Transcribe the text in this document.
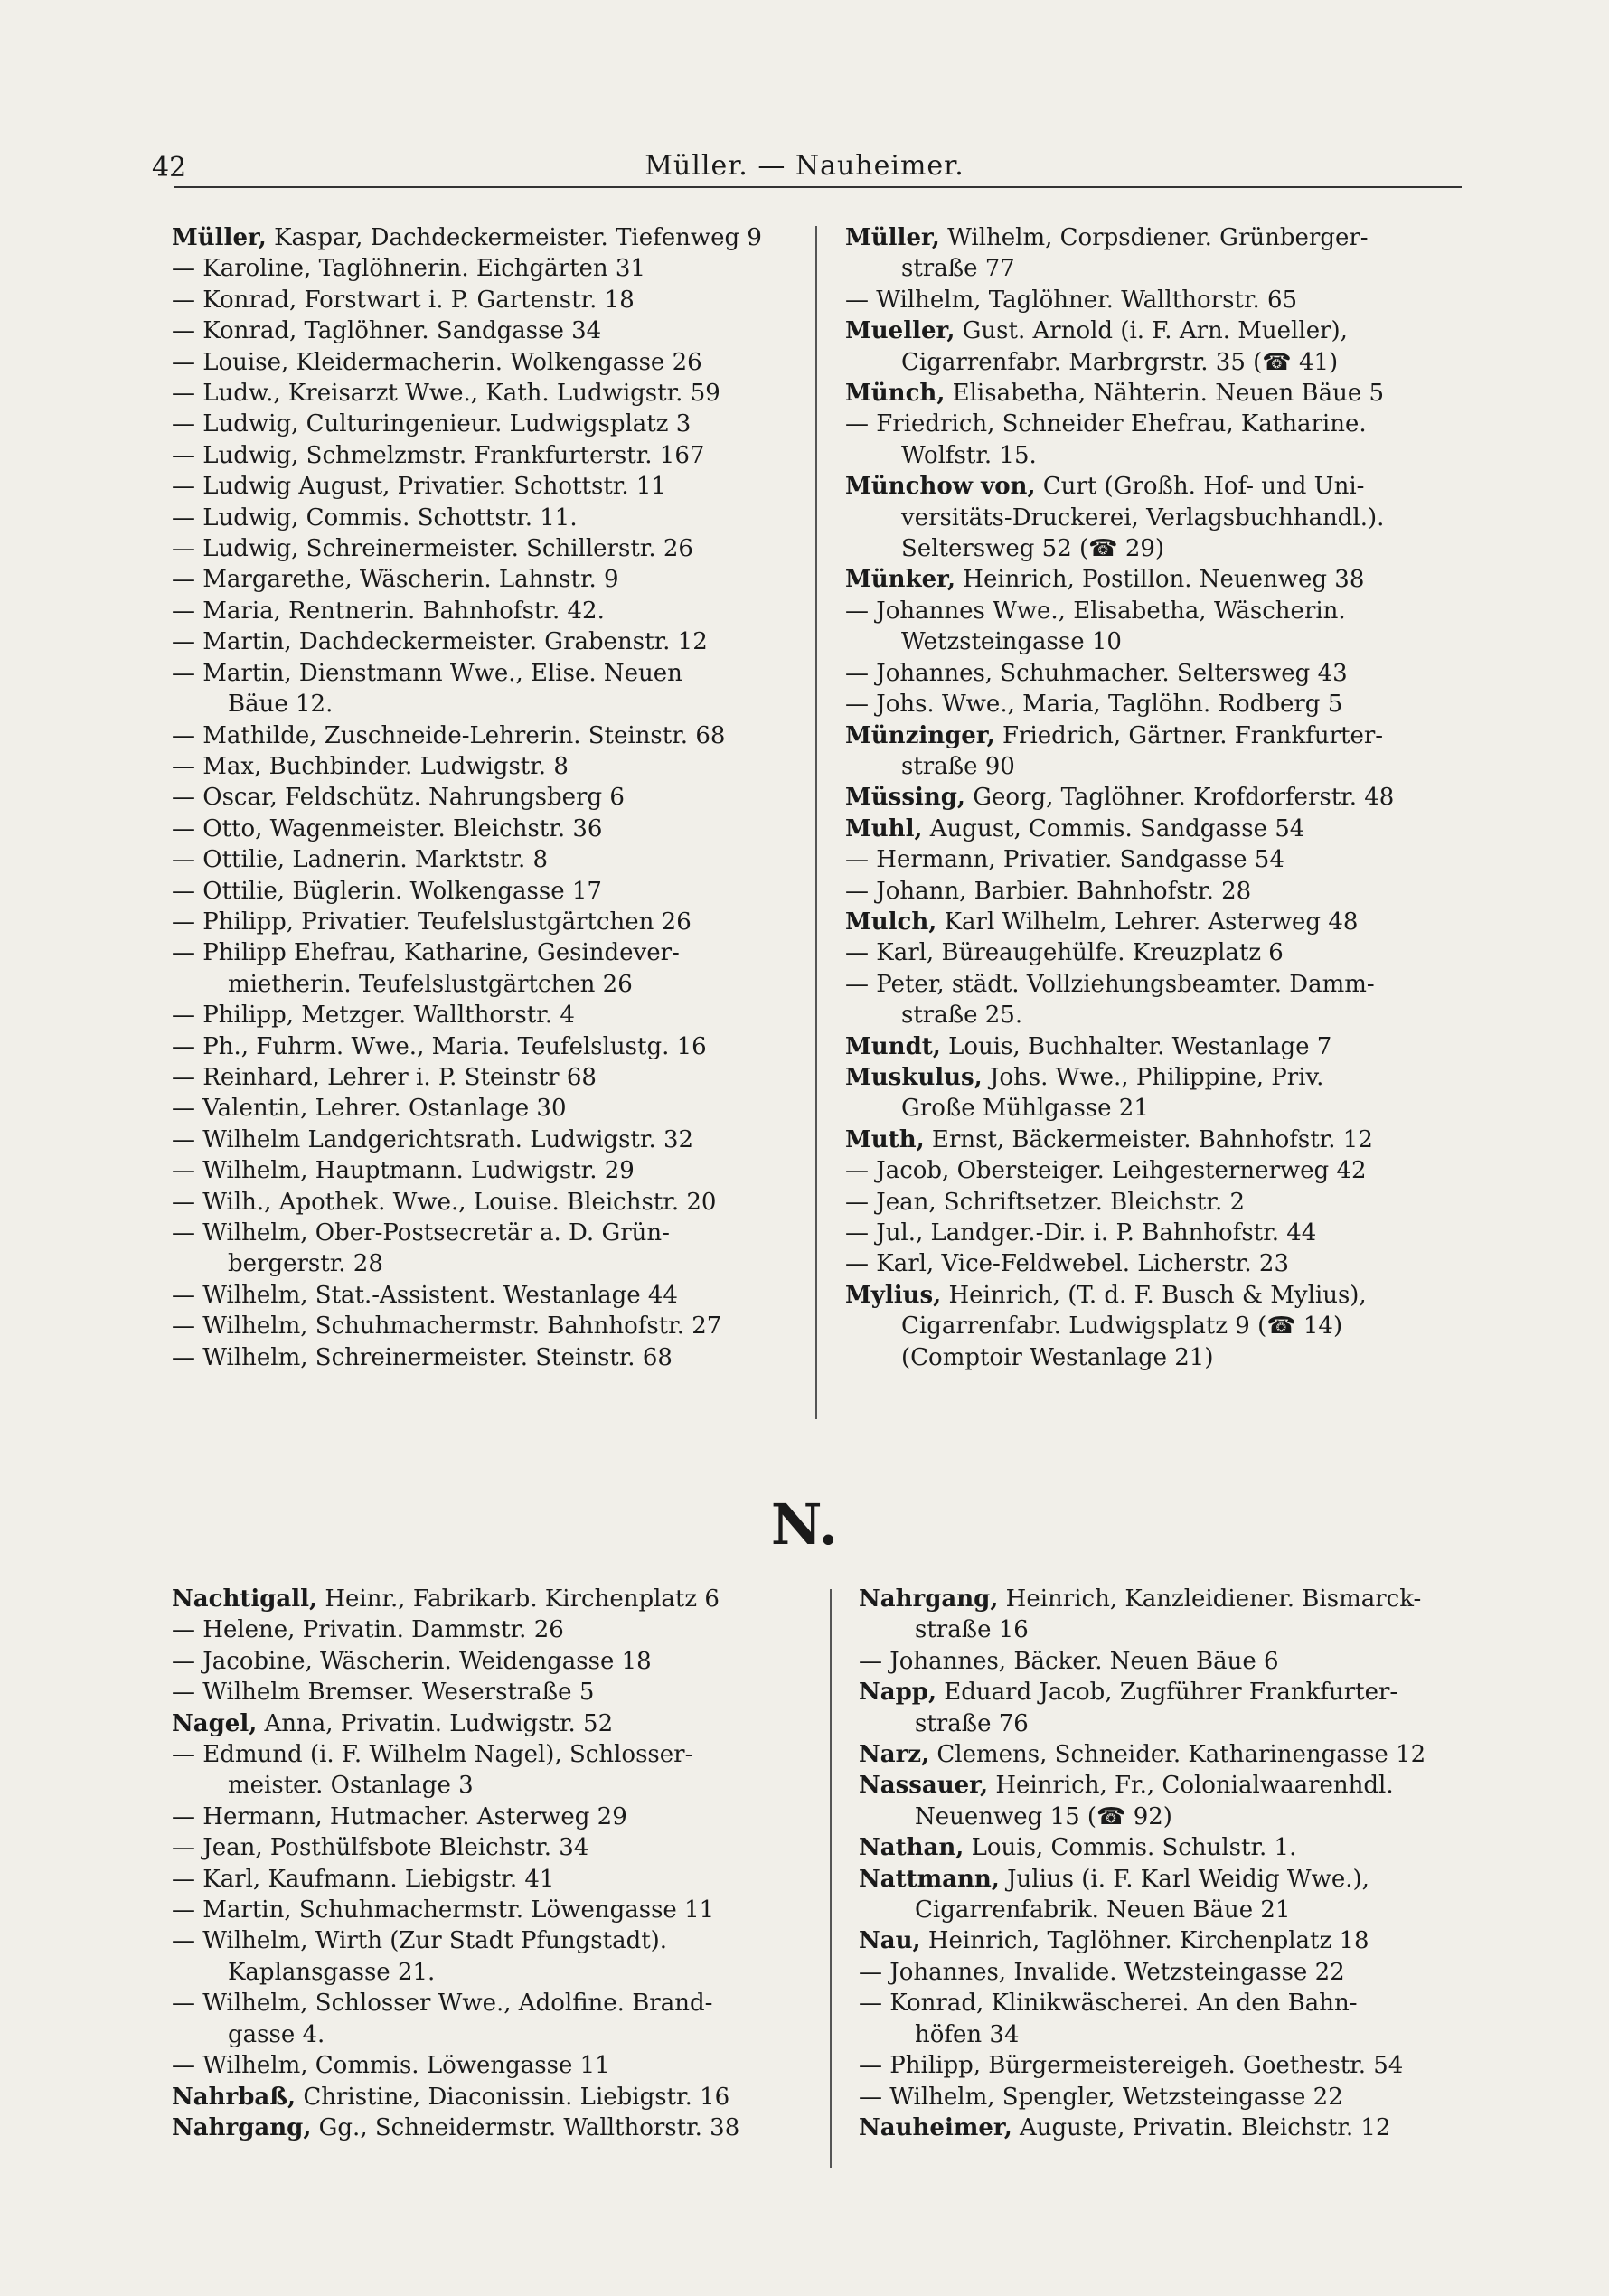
42	Müller. — Nauheimer.
Müller, Kaspar, Dachdeckermeister. Tiefenweg 9
— Karoline, Taglöhnerin. Eichgärten 31
— Konrad, Forstwart i. P. Gartenstr. 18
— Konrad, Taglöhner. Sandgasse 34
— Louise, Kleidermacherin. Wolkengasse 26
— Ludw., Kreisarzt Wwe., Kath. Ludwigstr. 59
— Ludwig, Culturingenieur. Ludwigsplatz 3
— Ludwig, Schmelzmstr. Frankfurterstr. 167
— Ludwig August, Privatier. Schottstr. 11
— Ludwig, Commis. Schottstr. 11.
— Ludwig, Schreinermeister. Schillerstr. 26
— Margarethe, Wäscherin. Lahnstr. 9
— Maria, Rentnerin. Bahnhofstr. 42.
— Martin, Dachdeckermeister. Grabenstr. 12
— Martin, Dienstmann Wwe., Elise. Neuen
Bäue 12.
— Mathilde, Zuschneide-Lehrerin. Steinstr. 68
— Max, Buchbinder. Ludwigstr. 8
— Oscar, Feldschütz. Nahrungsberg 6
— Otto, Wagenmeister. Bleichstr. 36
— Ottilie, Ladnerin. Marktstr. 8
— Ottilie, Büglerin. Wolkengasse 17
— Philipp, Privatier. Teufelslustgärtchen 26
— Philipp Ehefrau, Katharine, Gesindever-
mietherin. Teufelslustgärtchen 26
— Philipp, Metzger. Wallthorstr. 4
— Ph., Fuhrm. Wwe., Maria. Teufelslustg. 16
— Reinhard, Lehrer i. P. Steinstr 68
— Valentin, Lehrer. Ostanlage 30
— Wilhelm Landgerichtsrath. Ludwigstr. 32
— Wilhelm, Hauptmann. Ludwigstr. 29
— Wilh., Apothek. Wwe., Louise. Bleichstr. 20
— Wilhelm, Ober-Postsecretär a. D. Grün-
bergerstr. 28
— Wilhelm, Stat.-Assistent. Westanlage 44
— Wilhelm, Schuhmachermstr. Bahnhofstr. 27
— Wilhelm, Schreinermeister. Steinstr. 68
Müller, Wilhelm, Corpsdiener. Grünberger-
straße 77
— Wilhelm, Taglöhner. Wallthorstr. 65
Mueller, Gust. Arnold (i. F. Arn. Mueller),
Cigarrenfabr. Marbrgrstr. 35 (☎ 41)
Münch, Elisabetha, Nähterin. Neuen Bäue 5
— Friedrich, Schneider Ehefrau, Katharine.
Wolfstr. 15.
Münchow von, Curt (Großh. Hof- und Uni-
versitäts-Druckerei, Verlagsbuchhandl.).
Seltersweg 52 (☎ 29)
Münker, Heinrich, Postillon. Neuenweg 38
— Johannes Wwe., Elisabetha, Wäscherin.
Wetzsteingasse 10
— Johannes, Schuhmacher. Seltersweg 43
— Johs. Wwe., Maria, Taglöhn. Rodberg 5
Münzinger, Friedrich, Gärtner. Frankfurter-
straße 90
Müssing, Georg, Taglöhner. Krofdorferstr. 48
Muhl, August, Commis. Sandgasse 54
— Hermann, Privatier. Sandgasse 54
— Johann, Barbier. Bahnhofstr. 28
Mulch, Karl Wilhelm, Lehrer. Asterweg 48
— Karl, Büreaugehülfe. Kreuzplatz 6
— Peter, städt. Vollziehungsbeamter. Damm-
straße 25.
Mundt, Louis, Buchhalter. Westanlage 7
Muskulus, Johs. Wwe., Philippine, Priv.
Große Mühlgasse 21
Muth, Ernst, Bäckermeister. Bahnhofstr. 12
— Jacob, Obersteiger. Leihgesternerweg 42
— Jean, Schriftsetzer. Bleichstr. 2
— Jul., Landger.-Dir. i. P. Bahnhofstr. 44
— Karl, Vice-Feldwebel. Licherstr. 23
Mylius, Heinrich, (T. d. F. Busch & Mylius),
Cigarrenfabr. Ludwigsplatz 9 (☎ 14)
(Comptoir Westanlage 21)
N.
Nachtigall, Heinr., Fabrikarb. Kirchenplatz 6
— Helene, Privatin. Dammstr. 26
— Jacobine, Wäscherin. Weidengasse 18
— Wilhelm Bremser. Weserstraße 5
Nagel, Anna, Privatin. Ludwigstr. 52
— Edmund (i. F. Wilhelm Nagel), Schlosser-
meister. Ostanlage 3
— Hermann, Hutmacher. Asterweg 29
— Jean, Posthülfsbote Bleichstr. 34
— Karl, Kaufmann. Liebigstr. 41
— Martin, Schuhmachermstr. Löwengasse 11
— Wilhelm, Wirth (Zur Stadt Pfungstadt).
Kaplansgasse 21.
— Wilhelm, Schlosser Wwe., Adolfine. Brand-
gasse 4.
— Wilhelm, Commis. Löwengasse 11
Nahrbaß, Christine, Diaconissin. Liebigstr. 16
Nahrgang, Gg., Schneidermstr. Wallthorstr. 38
Nahrgang, Heinrich, Kanzleidiener. Bismarck-
straße 16
— Johannes, Bäcker. Neuen Bäue 6
Napp, Eduard Jacob, Zugführer Frankfurter-
straße 76
Narz, Clemens, Schneider. Katharinengasse 12
Nassauer, Heinrich, Fr., Colonialwaarenhdl.
Neuenweg 15 (☎ 92)
Nathan, Louis, Commis. Schulstr. 1.
Nattmann, Julius (i. F. Karl Weidig Wwe.),
Cigarrenfabrik. Neuen Bäue 21
Nau, Heinrich, Taglöhner. Kirchenplatz 18
— Johannes, Invalide. Wetzsteingasse 22
— Konrad, Klinikwäscherei. An den Bahn-
höfen 34
— Philipp, Bürgermeistereigeh. Goethestr. 54
— Wilhelm, Spengler, Wetzsteingasse 22
Nauheimer, Auguste, Privatin. Bleichstr. 12
